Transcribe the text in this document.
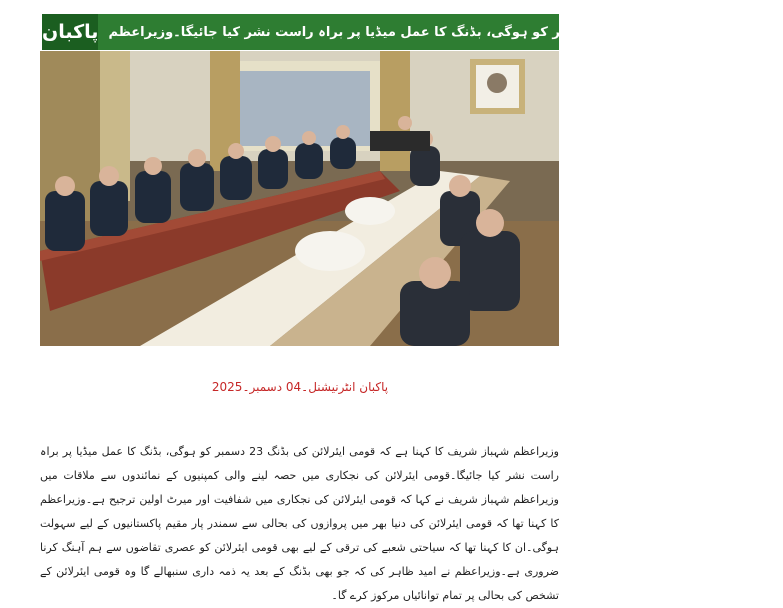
پاکبان قومی ایئرلائن کی بڈنگ 23 دسمبر کو ہوگی، بڈنگ کا عمل میڈیا پر براہ راست نشر کیا جائیگا۔وزیراعظم
پاکبان انٹرنیشنل۔04 دسمبر۔2025
وزیراعظم شہباز شریف کا کہنا ہے کہ قومی ایئرلائن کی بڈنگ 23 دسمبر کو ہوگی، بڈنگ کا عمل میڈیا پر براہ راست نشر کیا جائیگا۔قومی ایئرلائن کی نجکاری میں حصہ لینے والی کمپنیوں کے نمائندوں سے ملاقات میں وزیراعظم شہباز شریف نے کہا کہ قومی ایئرلائن کی نجکاری میں شفافیت اور میرٹ اولین ترجیح ہے۔وزیراعظم کا کہنا تھا کہ قومی ایئرلائن کی دنیا بھر میں پروازوں کی بحالی سے سمندر پار مقیم پاکستانیوں کے لیے سہولت ہوگی۔ان کا کہنا تھا کہ سیاحتی شعبے کی ترقی کے لیے بھی قومی ایئرلائن کو عصری تقاضوں سے ہم آہنگ کرنا ضروری ہے۔وزیراعظم نے امید ظاہر کی کہ جو بھی بڈنگ کے بعد یہ ذمہ داری سنبھالے گا وہ قومی ایئرلائن کے تشخص کی بحالی پر تمام توانائیاں مرکوز کرے گا۔
